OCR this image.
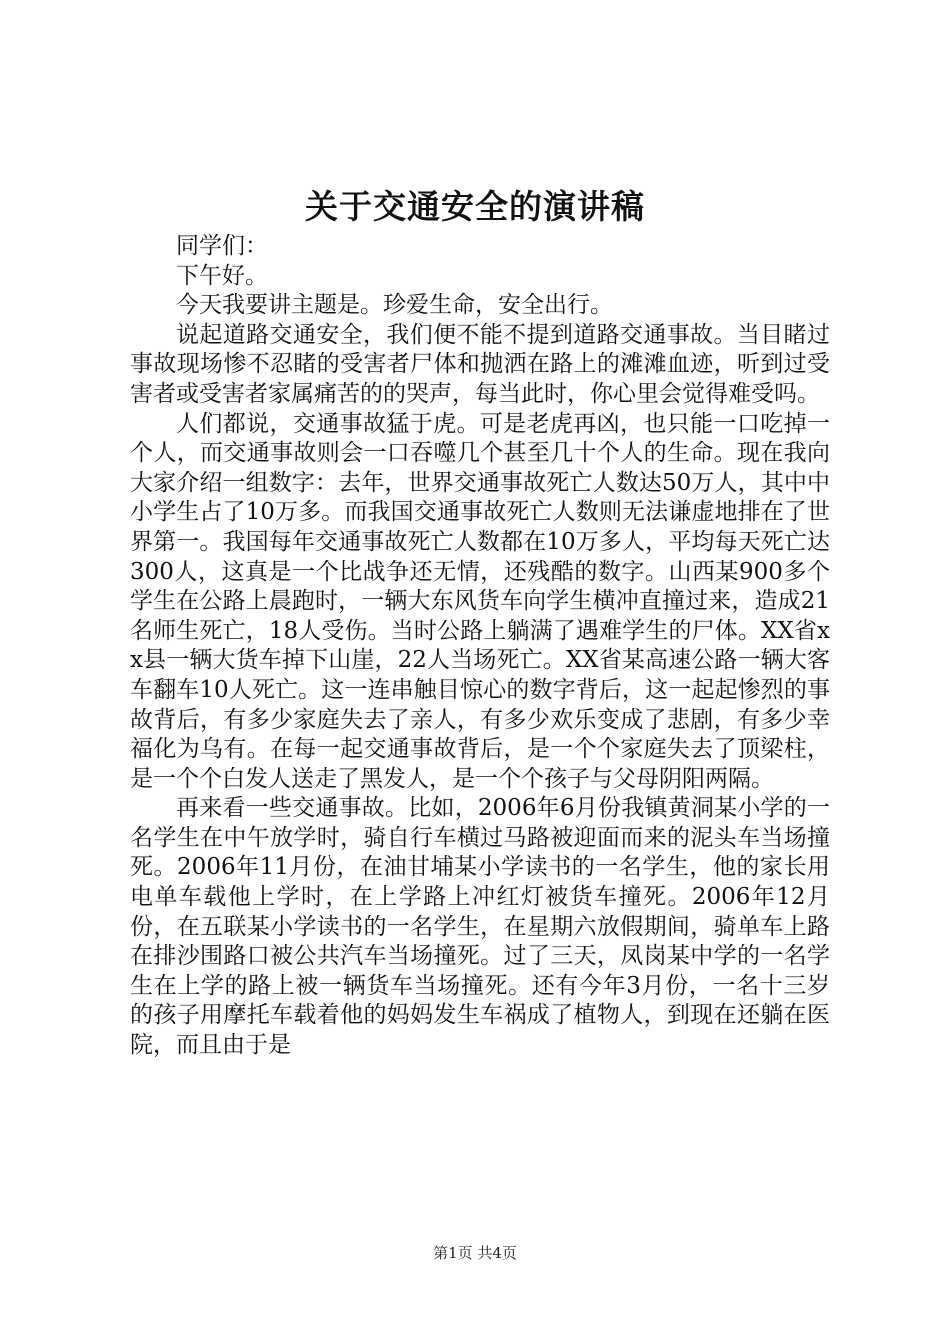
关于交通安全的演讲稿

同学们：

下午好。

今天我要讲主题是。珍爱生命，安全出行。

说起道路交通安全，我们便不能不提到道路交通事故。当目睹过事故现场惨不忍睹的受害者尸体和抛洒在路上的滩滩血迹，听到过受害者或受害者家属痛苦的的哭声，每当此时，你心里会觉得难受吗。

人们都说，交通事故猛于虎。可是老虎再凶，也只能一口吃掉一个人，而交通事故则会一口吞噬几个甚至几十个人的生命。现在我向大家介绍一组数字：去年，世界交通事故死亡人数达50万人，其中中小学生占了10万多。而我国交通事故死亡人数则无法谦虚地排在了世界第一。我国每年交通事故死亡人数都在10万多人，平均每天死亡达300人，这真是一个比战争还无情，还残酷的数字。山西某900多个学生在公路上晨跑时，一辆大东风货车向学生横冲直撞过来，造成21名师生死亡，18人受伤。当时公路上躺满了遇难学生的尸体。XX省xx县一辆大货车掉下山崖，22人当场死亡。XX省某高速公路一辆大客车翻车10人死亡。这一连串触目惊心的数字背后，这一起起惨烈的事故背后，有多少家庭失去了亲人，有多少欢乐变成了悲剧，有多少幸福化为乌有。在每一起交通事故背后，是一个个家庭失去了顶梁柱，是一个个白发人送走了黑发人，是一个个孩子与父母阴阳两隔。

再来看一些交通事故。比如，2006年6月份我镇黄洞某小学的一名学生在中午放学时，骑自行车横过马路被迎面而来的泥头车当场撞死。2006年11月份，在油甘埔某小学读书的一名学生，他的家长用电单车载他上学时，在上学路上冲红灯被货车撞死。2006年12月份，在五联某小学读书的一名学生，在星期六放假期间，骑单车上路在排沙围路口被公共汽车当场撞死。过了三天，凤岗某中学的一名学生在上学的路上被一辆货车当场撞死。还有今年3月份，一名十三岁的孩子用摩托车载着他的妈妈发生车祸成了植物人，到现在还躺在医院，而且由于是

第1页 共4页
